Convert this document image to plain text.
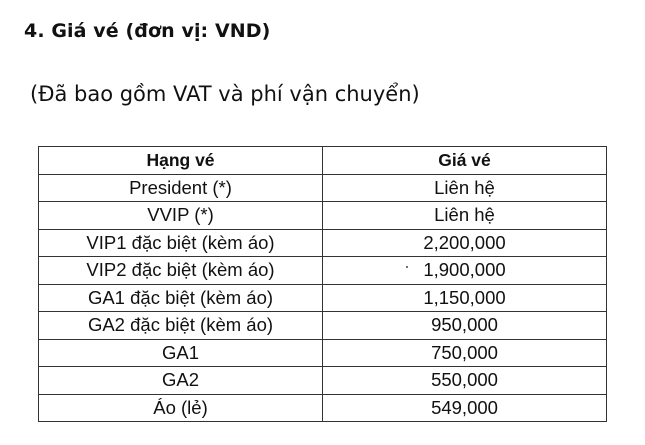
4. Giá vé (đơn vị: VND)

(Đã bao gồm VAT và phí vận chuyển)

Hạng vé	Giá vé
President (*)	Liên hệ
VVIP (*)	Liên hệ
VIP1 đặc biệt (kèm áo)	2,200,000
VIP2 đặc biệt (kèm áo)	1,900,000
GA1 đặc biệt (kèm áo)	1,150,000
GA2 đặc biệt (kèm áo)	950,000
GA1	750,000
GA2	550,000
Áo (lẻ)	549,000
